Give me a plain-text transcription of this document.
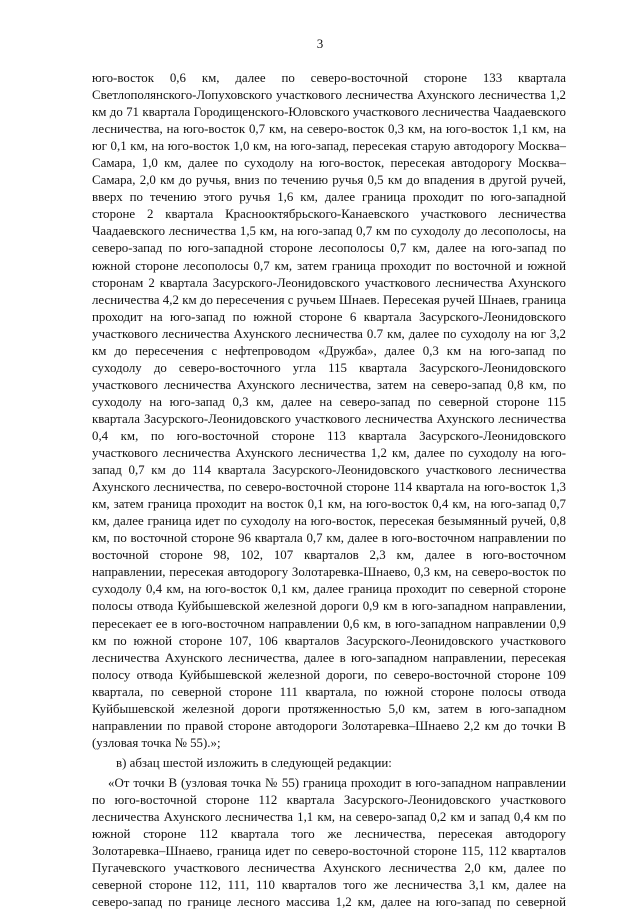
3

юго-восток 0,6 км, далее по северо-восточной стороне 133 квартала Светлополянского-Лопуховского участкового лесничества Ахунского лесничества 1,2 км до 71 квартала Городищенского-Юловского участкового лесничества Чаадаевского лесничества, на юго-восток 0,7 км, на северо-восток 0,3 км, на юго-восток 1,1 км, на юг 0,1 км, на юго-восток 1,0 км, на юго-запад, пересекая старую автодорогу Москва–Самара, 1,0 км, далее по суходолу на юго-восток, пересекая автодорогу Москва–Самара, 2,0 км до ручья, вниз по течению ручья 0,5 км до впадения в другой ручей, вверх по течению этого ручья 1,6 км, далее граница проходит по юго-западной стороне 2 квартала Краснооктябрьского-Канаевского участкового лесничества Чаадаевского лесничества 1,5 км, на юго-запад 0,7 км по суходолу до лесополосы, на северо-запад по юго-западной стороне лесополосы 0,7 км, далее на юго-запад по южной стороне лесополосы 0,7 км, затем граница проходит по восточной и южной сторонам 2 квартала Засурского-Леонидовского участкового лесничества Ахунского лесничества 4,2 км до пересечения с ручьем Шнаев. Пересекая ручей Шнаев, граница проходит на юго-запад по южной стороне 6 квартала Засурского-Леонидовского участкового лесничества Ахунского лесничества 0.7 км, далее по суходолу на юг 3,2 км до пересечения с нефтепроводом «Дружба», далее 0,3 км на юго-запад по суходолу до северо-восточного угла 115 квартала Засурского-Леонидовского участкового лесничества Ахунского лесничества, затем на северо-запад 0,8 км, по суходолу на юго-запад 0,3 км, далее на северо-запад по северной стороне 115 квартала Засурского-Леонидовского участкового лесничества Ахунского лесничества 0,4 км, по юго-восточной стороне 113 квартала Засурского-Леонидовского участкового лесничества Ахунского лесничества 1,2 км, далее по суходолу на юго-запад 0,7 км до 114 квартала Засурского-Леонидовского участкового лесничества Ахунского лесничества, по северо-восточной стороне 114 квартала на юго-восток 1,3 км, затем граница проходит на восток 0,1 км, на юго-восток 0,4 км, на юго-запад 0,7 км, далее граница идет по суходолу на юго-восток, пересекая безымянный ручей, 0,8 км, по восточной стороне 96 квартала 0,7 км, далее в юго-восточном направлении по восточной стороне 98, 102, 107 кварталов 2,3 км, далее в юго-восточном направлении, пересекая автодорогу Золотаревка-Шнаево, 0,3 км, на северо-восток по суходолу 0,4 км, на юго-восток 0,1 км, далее граница проходит по северной стороне полосы отвода Куйбышевской железной дороги 0,9 км в юго-западном направлении, пересекает ее в юго-восточном направлении 0,6 км, в юго-западном направлении 0,9 км по южной стороне 107, 106 кварталов Засурского-Леонидовского участкового лесничества Ахунского лесничества, далее в юго-западном направлении, пересекая полосу отвода Куйбышевской железной дороги, по северо-восточной стороне 109 квартала, по северной стороне 111 квартала, по южной стороне полосы отвода Куйбышевской железной дороги протяженностью 5,0 км, затем в юго-западном направлении по правой стороне автодороги Золотаревка–Шнаево 2,2 км до точки В (узловая точка № 55).»;

в) абзац шестой изложить в следующей редакции:

«От точки В (узловая точка № 55) граница проходит в юго-западном направлении по юго-восточной стороне 112 квартала Засурского-Леонидовского участкового лесничества Ахунского лесничества 1,1 км, на северо-запад 0,2 км и запад 0,4 км по южной стороне 112 квартала того же лесничества, пересекая автодорогу Золотаревка–Шнаево, граница идет по северо-восточной стороне 115, 112 кварталов Пугачевского участкового лесничества Ахунского лесничества 2,0 км, далее по северной стороне 112, 111, 110 кварталов того же лесничества 3,1 км, далее на северо-запад по границе лесного массива 1,2 км, далее на юго-запад по северной
